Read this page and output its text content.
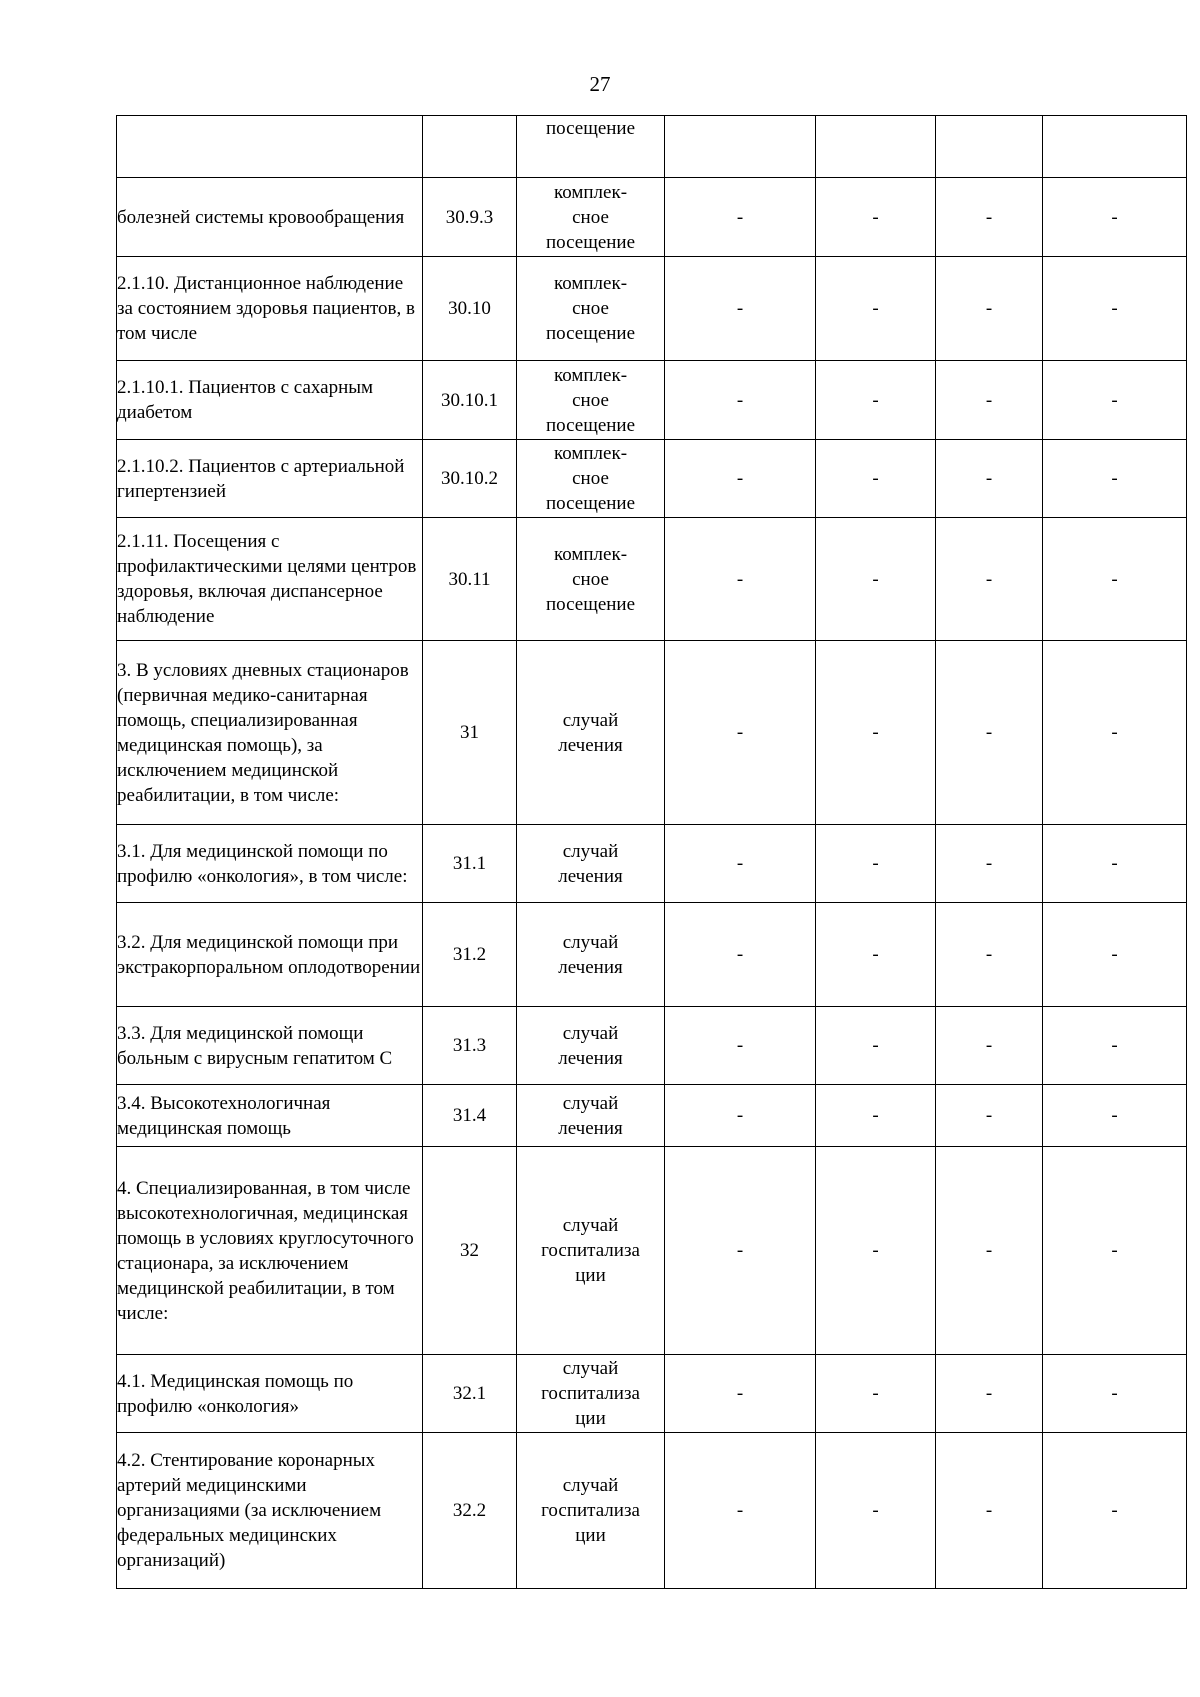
27

		посещение				

болезней системы кровообращения	30.9.3	комплек-
сное
посещение	-	-	-	-
2.1.10. Дистанционное наблюдение за состоянием здоровья пациентов, в том числе	30.10	комплек-
сное
посещение	-	-	-	-
2.1.10.1. Пациентов с сахарным диабетом	30.10.1	комплек-
сное
посещение	-	-	-	-
2.1.10.2. Пациентов с артериальной гипертензией	30.10.2	комплек-
сное
посещение	-	-	-	-
2.1.11. Посещения с профилактическими целями центров здоровья, включая диспансерное наблюдение	30.11	комплек-
сное
посещение	-	-	-	-
3. В условиях дневных стационаров (первичная медико-санитарная помощь, специализированная медицинская помощь), за исключением медицинской реабилитации, в том числе:	31	случай
лечения	-	-	-	-
3.1. Для медицинской помощи по профилю «онкология», в том числе:	31.1	случай
лечения	-	-	-	-
3.2. Для медицинской помощи при экстракорпоральном оплодотворении	31.2	случай
лечения	-	-	-	-
3.3. Для медицинской помощи больным с вирусным гепатитом С	31.3	случай
лечения	-	-	-	-
3.4. Высокотехнологичная медицинская помощь	31.4	случай
лечения	-	-	-	-
4. Специализированная, в том числе высокотехнологичная, медицинская помощь в условиях круглосуточного стационара, за исключением медицинской реабилитации, в том числе:	32	случай
госпитализа
ции	-	-	-	-
4.1. Медицинская помощь по профилю «онкология»	32.1	случай
госпитализа
ции	-	-	-	-
4.2. Стентирование коронарных артерий медицинскими организациями (за исключением федеральных медицинских организаций)	32.2	случай
госпитализа
ции	-	-	-	-
